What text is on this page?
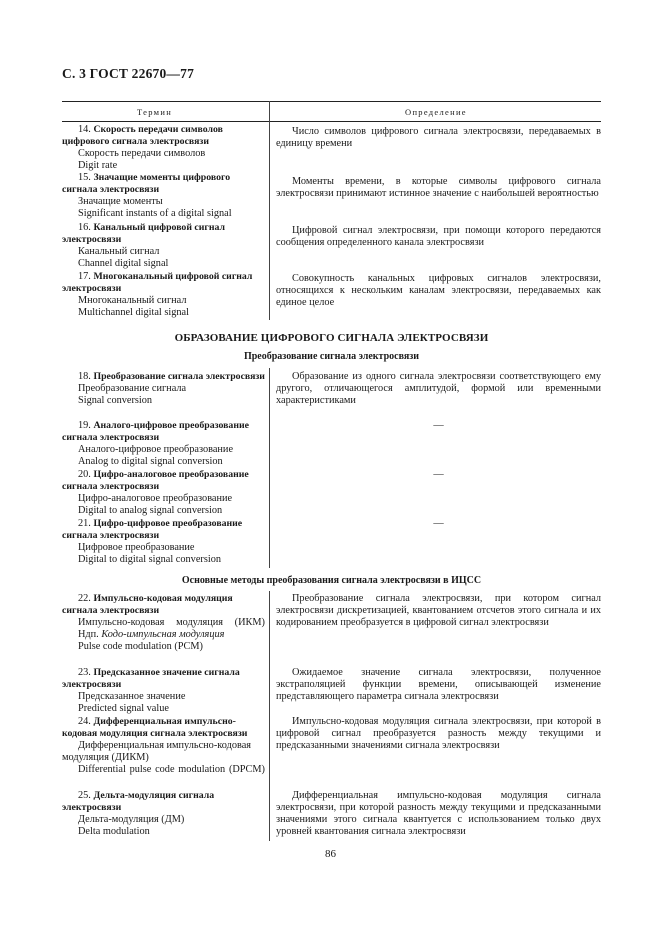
С. 3 ГОСТ 22670—77
Термин	Определение

14. Скорость передачи символов цифрового сигнала электросвязи

Скорость передачи символов

Digit rate

Число символов цифрового сигнала электросвязи, передаваемых в единицу времени

15. Значащие моменты цифрового сигнала электросвязи

Значащие моменты

Significant instants of a digital signal

Моменты времени, в которые символы цифрового сигнала электросвязи принимают истинное значение с наибольшей вероятностью

16. Канальный цифровой сигнал электросвязи

Канальный сигнал

Channel digital signal

Цифровой сигнал электросвязи, при помощи которого передаются сообщения определенного канала электросвязи

17. Многоканальный цифровой сигнал электросвязи

Многоканальный сигнал

Multichannel digital signal

Совокупность канальных цифровых сигналов электросвязи, относящихся к нескольким каналам электросвязи, передаваемых как единое целое

ОБРАЗОВАНИЕ ЦИФРОВОГО СИГНАЛА ЭЛЕКТРОСВЯЗИ
Преобразование сигнала электросвязи

18. Преобразование сигнала электросвязи

Преобразование сигнала

Signal conversion

Образование из одного сигнала электросвязи соответствующего ему другого, отличающегося амплитудой, формой или временными характеристиками

19. Аналого-цифровое преобразование сигнала электросвязи

Аналого-цифровое преобразование

Analog to digital signal conversion

—

20. Цифро-аналоговое преобразование сигнала электросвязи

Цифро-аналоговое преобразование

Digital to analog signal conversion

—

21. Цифро-цифровое преобразование сигнала электросвязи

Цифровое преобразование

Digital to digital signal conversion

—
Основные методы преобразования сигнала электросвязи в ИЦСС

22. Импульсно-кодовая модуляция сигнала электросвязи

Импульсно-кодовая модуляция (ИКМ)

Ндп. Кодо-импульсная модуляция

Pulse code modulation (PCM)

Преобразование сигнала электросвязи, при котором сигнал электросвязи дискретизацией, квантованием отсчетов этого сигнала и их кодированием преобразуется в цифровой сигнал электросвязи

23. Предсказанное значение сигнала электросвязи

Предсказанное значение

Predicted signal value

Ожидаемое значение сигнала электросвязи, полученное экстраполяцией функции времени, описывающей изменение представляющего параметра сигнала электросвязи

24. Дифференциальная импульсно-кодовая модуляция сигнала электросвязи

Дифференциальная импульсно-кодовая модуляция (ДИКМ)

Differential pulse code modulation (DPCM)

Импульсно-кодовая модуляция сигнала электросвязи, при которой в цифровой сигнал преобразуется разность между текущими и предсказанными значениями сигнала электросвязи

25. Дельта-модуляция сигнала электросвязи

Дельта-модуляция (ДМ)

Delta modulation

Дифференциальная импульсно-кодовая модуляция сигнала электросвязи, при которой разность между текущими и предсказанными значениями этого сигнала квантуется с использованием только двух уровней квантования сигнала электросвязи

86
